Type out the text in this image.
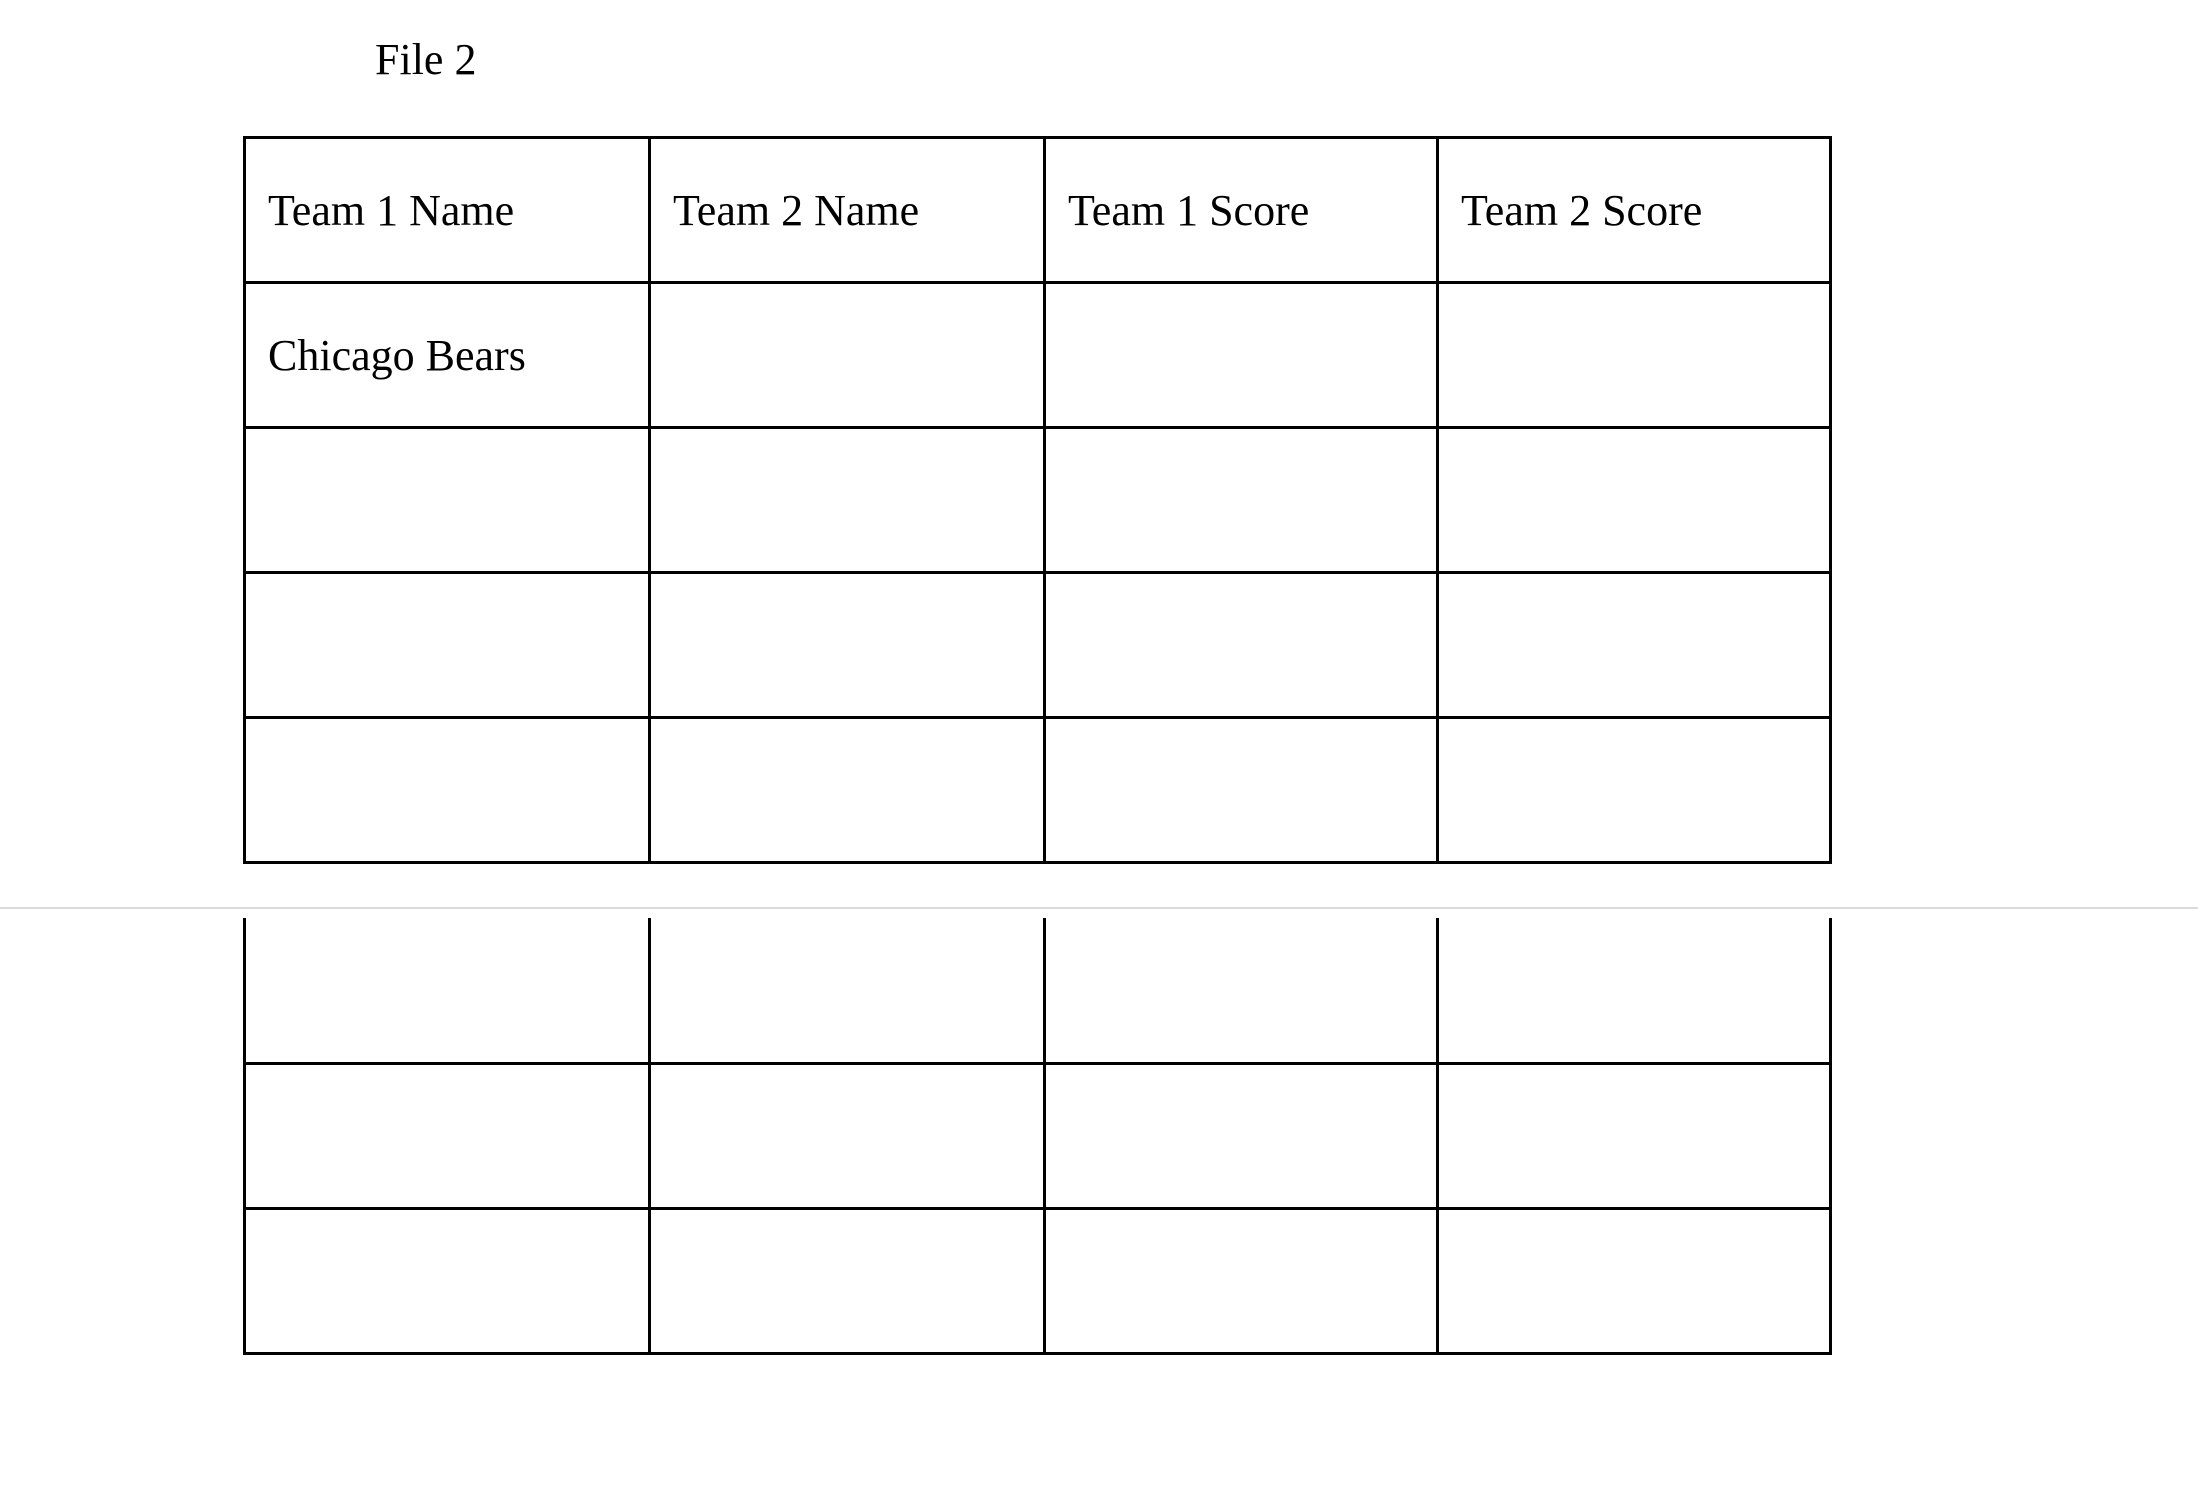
File 2
Team 1 Name	Team 2 Name	Team 1 Score	Team 2 Score
Chicago Bears			
